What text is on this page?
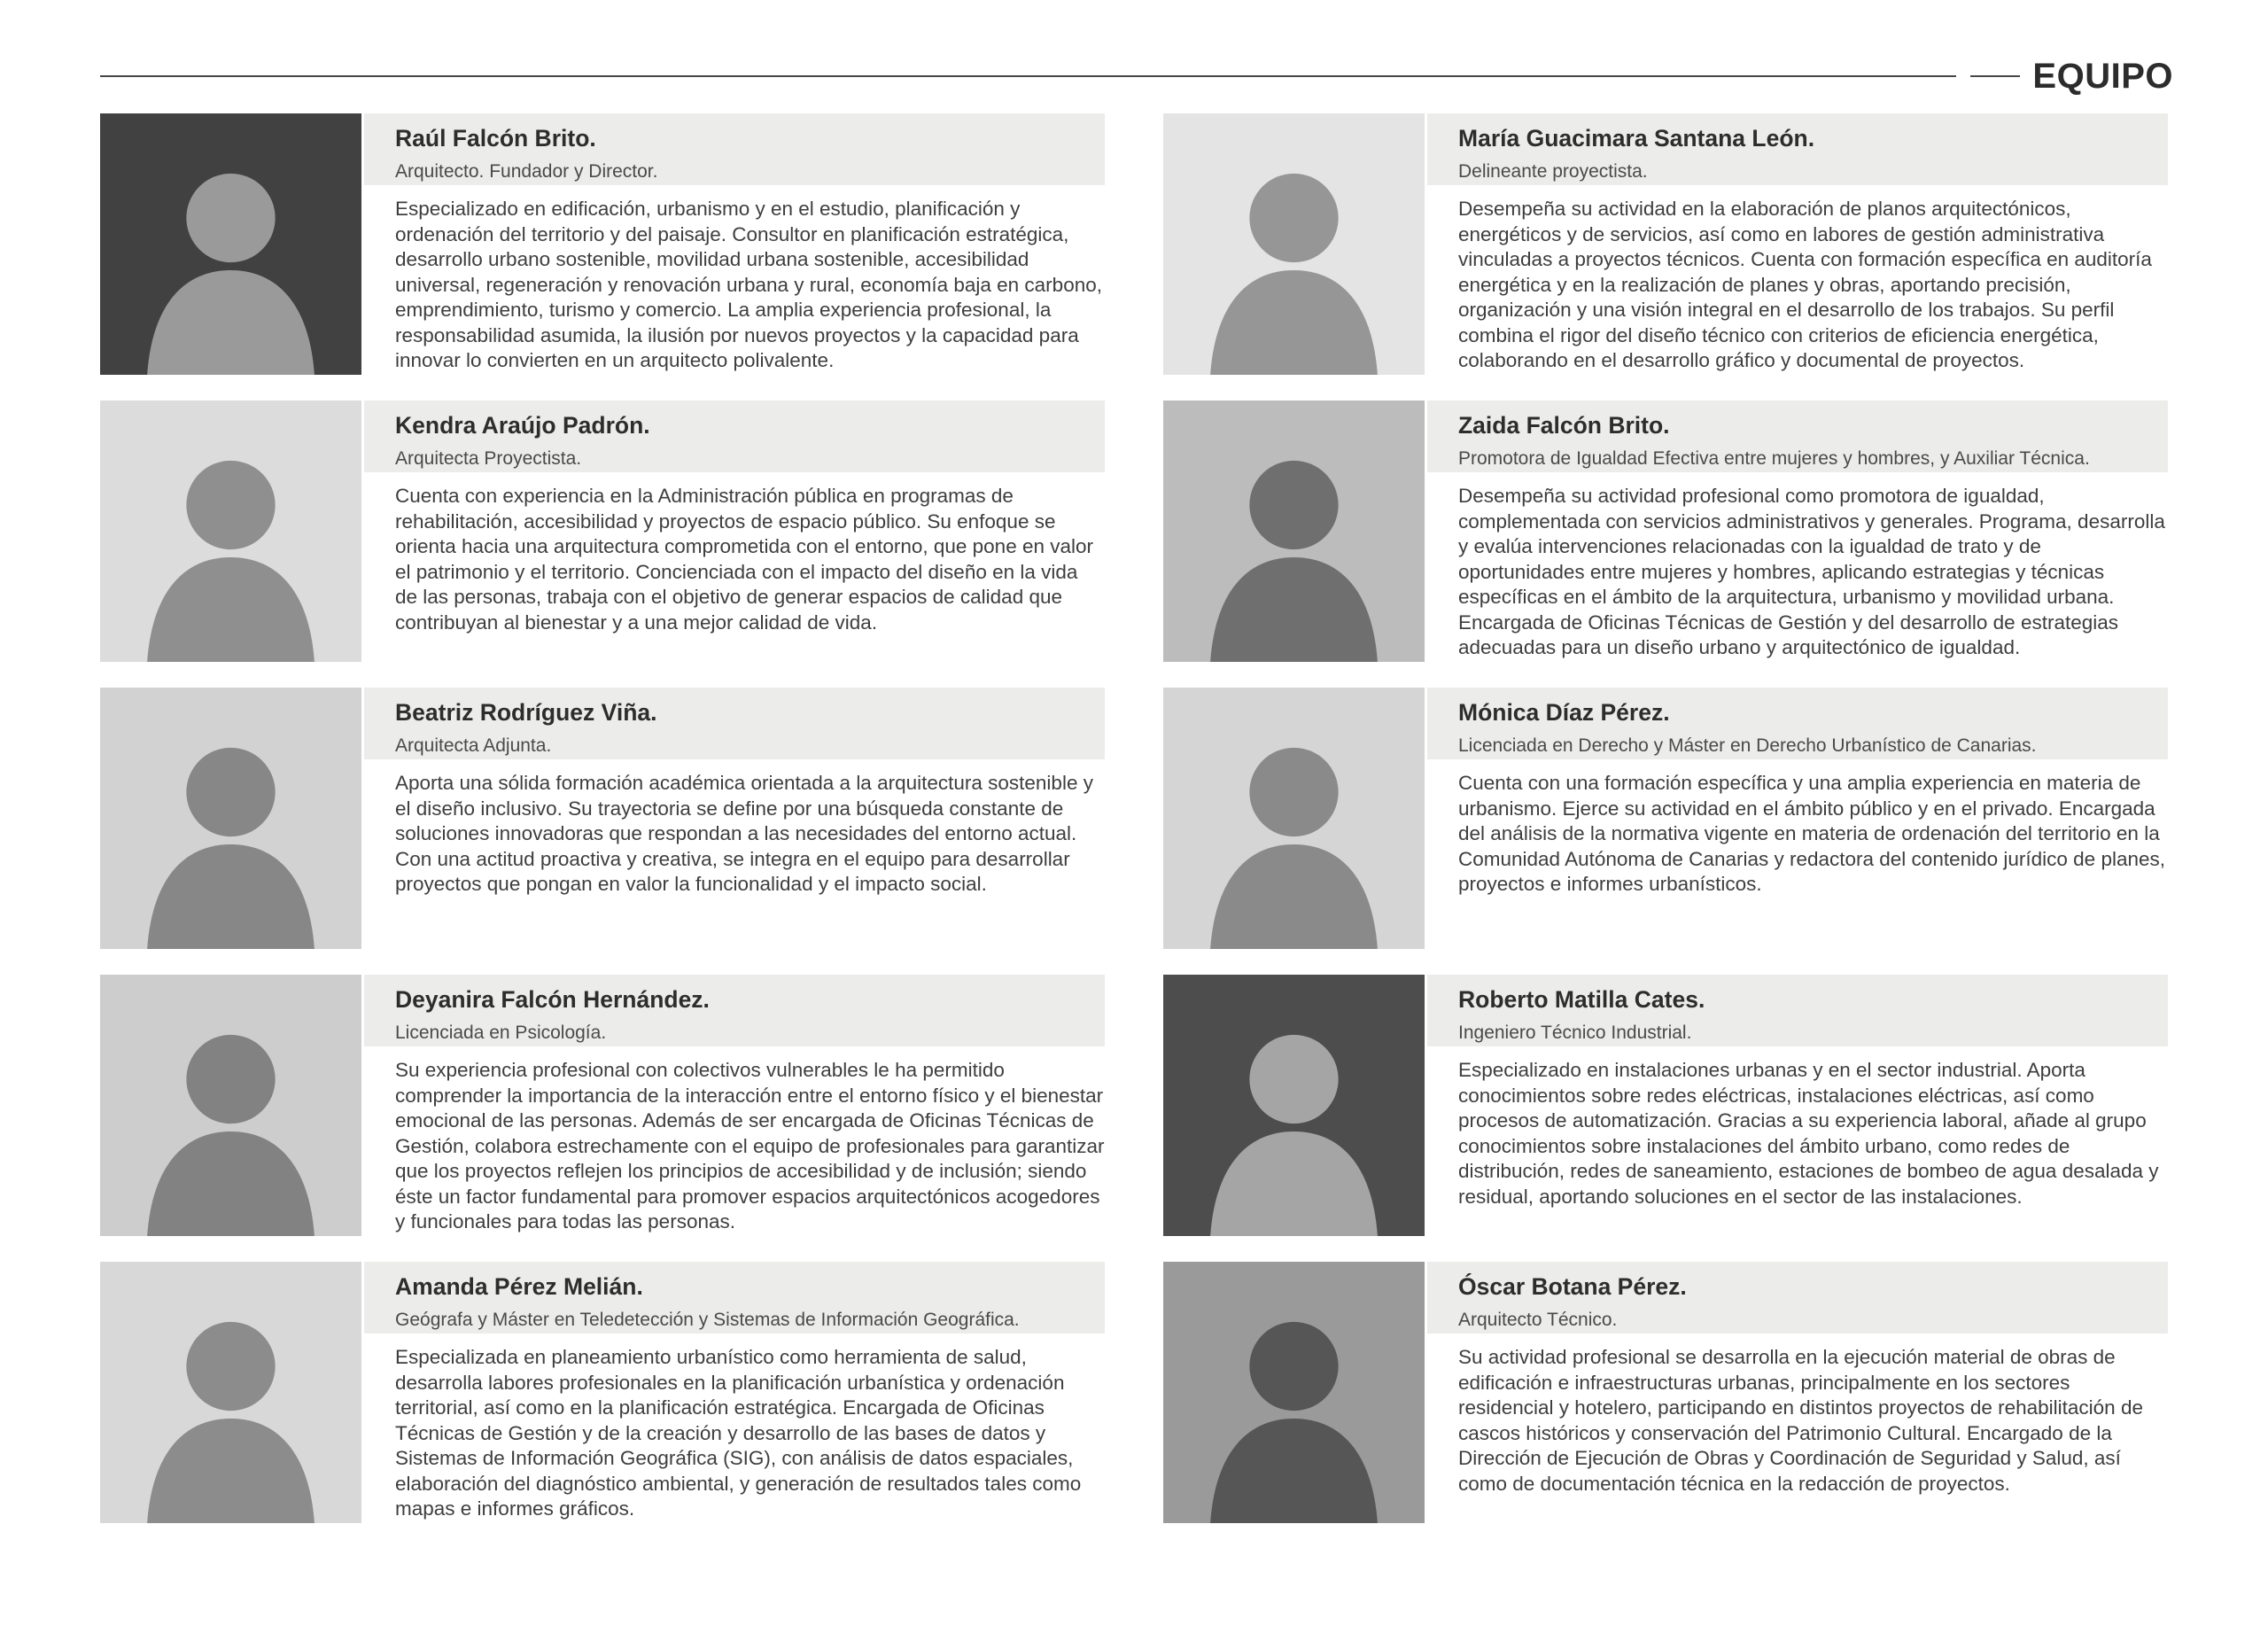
EQUIPO
Raúl Falcón Brito.

Arquitecto. Fundador y Director.

Especializado en edificación, urbanismo y en el estudio, planificación y ordenación del territorio y del paisaje. Consultor en planificación estratégica, desarrollo urbano sostenible, movilidad urbana sostenible, accesibilidad universal, regeneración y renovación urbana y rural, economía baja en carbono, emprendimiento, turismo y comercio. La amplia experiencia profesional, la responsabilidad asumida, la ilusión por nuevos proyectos y la capacidad para innovar lo convierten en un arquitecto polivalente.

Kendra Araújo Padrón.

Arquitecta Proyectista.

Cuenta con experiencia en la Administración pública en programas de rehabilitación, accesibilidad y proyectos de espacio público. Su enfoque se orienta hacia una arquitectura comprometida con el entorno, que pone en valor el patrimonio y el territorio. Concienciada con el impacto del diseño en la vida de las personas, trabaja con el objetivo de generar espacios de calidad que contribuyan al bienestar y a una mejor calidad de vida.

Beatriz Rodríguez Viña.

Arquitecta Adjunta.

Aporta una sólida formación académica orientada a la arquitectura sostenible y el diseño inclusivo. Su trayectoria se define por una búsqueda constante de soluciones innovadoras que respondan a las necesidades del entorno actual. Con una actitud proactiva y creativa, se integra en el equipo para desarrollar proyectos que pongan en valor la funcionalidad y el impacto social.

Deyanira Falcón Hernández.

Licenciada en Psicología.

Su experiencia profesional con colectivos vulnerables le ha permitido comprender la importancia de la interacción entre el entorno físico y el bienestar emocional de las personas. Además de ser encargada de Oficinas Técnicas de Gestión, colabora estrechamente con el equipo de profesionales para garantizar que los proyectos reflejen los principios de accesibilidad y de inclusión; siendo éste un factor fundamental para promover espacios arquitectónicos acogedores y funcionales para todas las personas.

Amanda Pérez Melián.

Geógrafa y Máster en Teledetección y Sistemas de Información Geográfica.

Especializada en planeamiento urbanístico como herramienta de salud, desarrolla labores profesionales en la planificación urbanística y ordenación territorial, así como en la planificación estratégica. Encargada de Oficinas Técnicas de Gestión y de la creación y desarrollo de las bases de datos y Sistemas de Información Geográfica (SIG), con análisis de datos espaciales, elaboración del diagnóstico ambiental, y generación de resultados tales como mapas e informes gráficos.

María Guacimara Santana León.

Delineante proyectista.

Desempeña su actividad en la elaboración de planos arquitectónicos, energéticos y de servicios, así como en labores de gestión administrativa vinculadas a proyectos técnicos. Cuenta con formación específica en auditoría energética y en la realización de planes y obras, aportando precisión, organización y una visión integral en el desarrollo de los trabajos. Su perfil combina el rigor del diseño técnico con criterios de eficiencia energética, colaborando en el desarrollo gráfico y documental de proyectos.

Zaida Falcón Brito.

Promotora de Igualdad Efectiva entre mujeres y hombres, y Auxiliar Técnica.

Desempeña su actividad profesional como promotora de igualdad, complementada con servicios administrativos y generales. Programa, desarrolla y evalúa intervenciones relacionadas con la igualdad de trato y de oportunidades entre mujeres y hombres, aplicando estrategias y técnicas específicas en el ámbito de la arquitectura, urbanismo y movilidad urbana. Encargada de Oficinas Técnicas de Gestión y del desarrollo de estrategias adecuadas para un diseño urbano y arquitectónico de igualdad.

Mónica Díaz Pérez.

Licenciada en Derecho y Máster en Derecho Urbanístico de Canarias.

Cuenta con una formación específica y una amplia experiencia en materia de urbanismo. Ejerce su actividad en el ámbito público y en el privado. Encargada del análisis de la normativa vigente en materia de ordenación del territorio en la Comunidad Autónoma de Canarias y redactora del contenido jurídico de planes, proyectos e informes urbanísticos.

Roberto Matilla Cates.

Ingeniero Técnico Industrial.

Especializado en instalaciones urbanas y en el sector industrial. Aporta conocimientos sobre redes eléctricas, instalaciones eléctricas, así como procesos de automatización. Gracias a su experiencia laboral, añade al grupo conocimientos sobre instalaciones del ámbito urbano, como redes de distribución, redes de saneamiento, estaciones de bombeo de agua desalada y residual, aportando soluciones en el sector de las instalaciones.

Óscar Botana Pérez.

Arquitecto Técnico.

Su actividad profesional se desarrolla en la ejecución material de obras de edificación e infraestructuras urbanas, principalmente en los sectores residencial y hotelero, participando en distintos proyectos de rehabilitación de cascos históricos y conservación del Patrimonio Cultural. Encargado de la Dirección de Ejecución de Obras y Coordinación de Seguridad y Salud, así como de documentación técnica en la redacción de proyectos.
